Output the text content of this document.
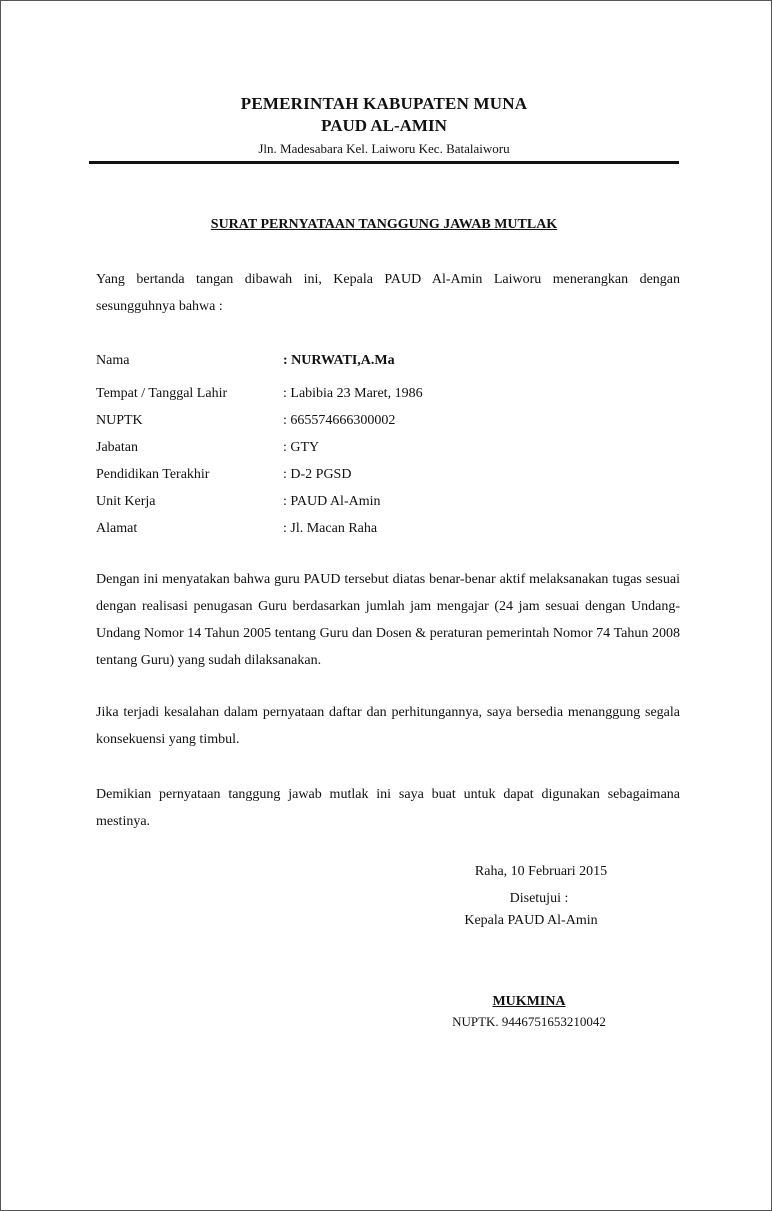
PEMERINTAH KABUPATEN MUNA
PAUD AL-AMIN
Jln. Madesabara Kel. Laiworu Kec. Batalaiworu
SURAT PERNYATAAN TANGGUNG JAWAB MUTLAK
Yang bertanda tangan dibawah ini, Kepala PAUD Al-Amin Laiworu menerangkan dengan sesungguhnya bahwa :
Nama	: NURWATI,A.Ma
Tempat / Tanggal Lahir	: Labibia 23 Maret, 1986
NUPTK	: 665574666300002
Jabatan	: GTY
Pendidikan Terakhir	: D-2 PGSD
Unit Kerja	: PAUD Al-Amin
Alamat	: Jl. Macan Raha
Dengan ini menyatakan bahwa guru PAUD tersebut diatas benar-benar aktif melaksanakan tugas sesuai dengan realisasi penugasan Guru berdasarkan jumlah jam mengajar (24 jam sesuai dengan Undang-Undang Nomor 14 Tahun 2005 tentang Guru dan Dosen & peraturan pemerintah Nomor 74 Tahun 2008 tentang Guru) yang sudah dilaksanakan.
Jika terjadi kesalahan dalam pernyataan daftar dan perhitungannya, saya bersedia menanggung segala konsekuensi yang timbul.
Demikian pernyataan tanggung jawab mutlak ini saya buat untuk dapat digunakan sebagaimana mestinya.
Raha, 10 Februari 2015
Disetujui :
Kepala PAUD Al-Amin
MUKMINA
NUPTK. 9446751653210042
